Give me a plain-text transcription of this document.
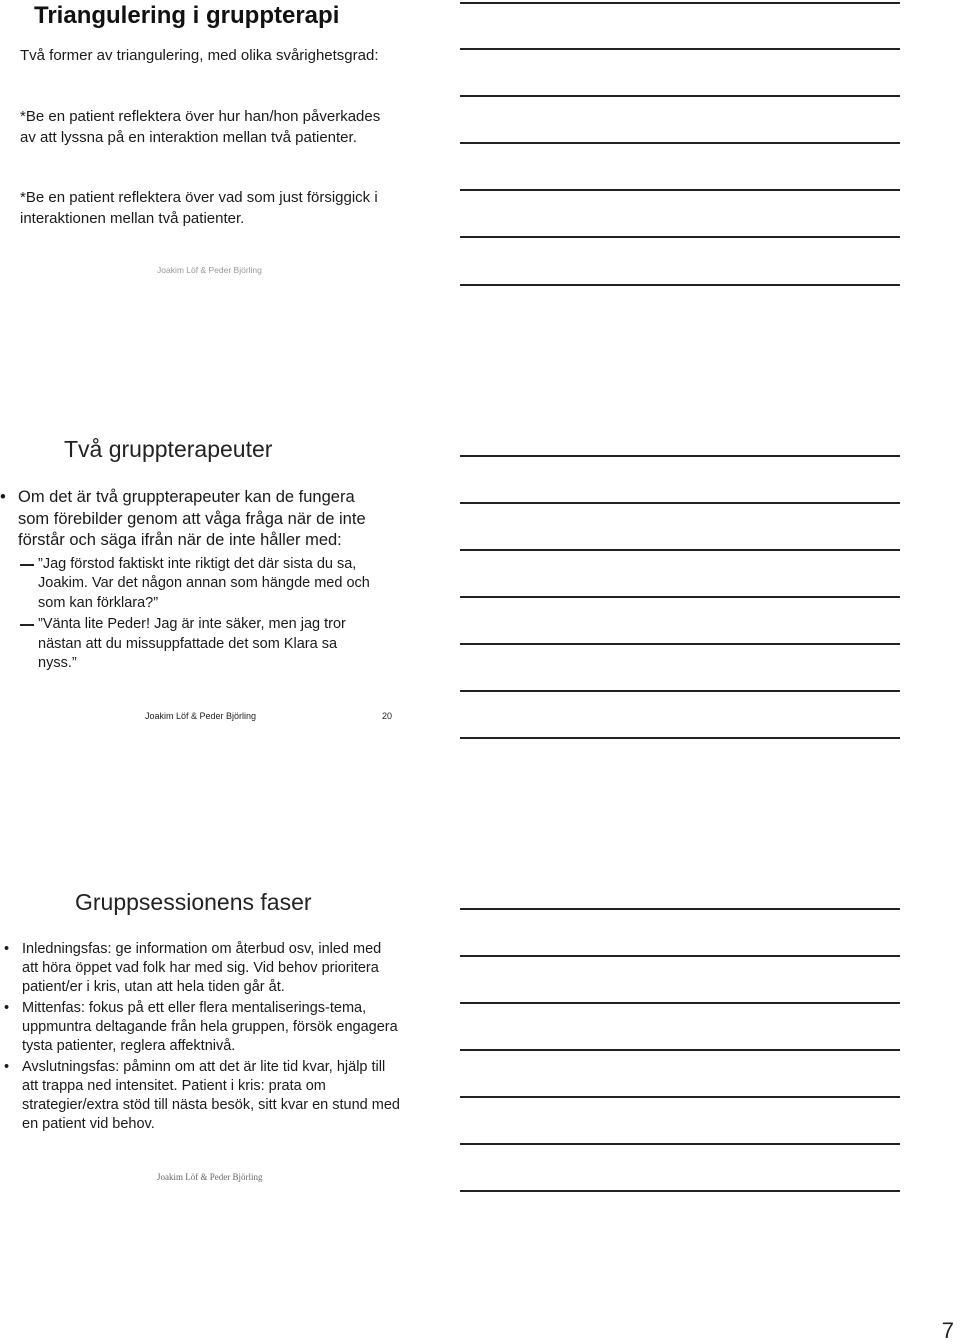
Triangulering i gruppterapi
Två former av triangulering, med olika svårighetsgrad:
*Be en patient reflektera över hur han/hon påverkades av att lyssna på en interaktion mellan två patienter.
*Be en patient reflektera över vad som just försiggick i interaktionen mellan två patienter.
Joakim Löf & Peder Björling
Två gruppterapeuter
• Om det är två gruppterapeuter kan de fungera som förebilder genom att våga fråga när de inte förstår och säga ifrån när de inte håller med:
”Jag förstod faktiskt inte riktigt det där sista du sa, Joakim. Var det någon annan som hängde med och som kan förklara?”
”Vänta lite Peder! Jag är inte säker, men jag tror nästan att du missuppfattade det som Klara sa nyss.”
Joakim Löf & Peder Björling	20
Gruppsessionens faser
• Inledningsfas: ge information om återbud osv, inled med att höra öppet vad folk har med sig. Vid behov prioritera patient/er i kris, utan att hela tiden går åt.
• Mittenfas: fokus på ett eller flera mentaliserings-tema, uppmuntra deltagande från hela gruppen, försök engagera tysta patienter, reglera affektnivå.
• Avslutningsfas: påminn om att det är lite tid kvar, hjälp till att trappa ned intensitet. Patient i kris: prata om strategier/extra stöd till nästa besök, sitt kvar en stund med en patient vid behov.
Joakim Löf & Peder Björling
7
